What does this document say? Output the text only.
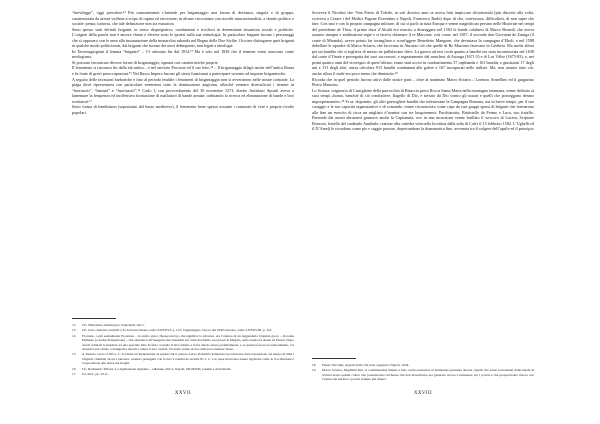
“brevilegge”, oggi prevalere.¹² Più comunemente s’intende per brigantaggio una forma di devianza, singola o di gruppo, caratterizzata da azioni violente a scopo di rapina ed estorsione, in alcune circostanze con risvolti insurrezionalisti, a sfondo politico e sociale: penso, tuttavia, che tale definizione non sia esaustiva.

Sono spesso stati definiti briganti, in senso dispregiativo, combattenti e rivoltosi in determinate situazioni sociali e politiche. L’origine della parola non è ancora chiara e diverse sono le ipotesi sulla sua etimologia. In particolare briganti furono i personaggi che si opposero con le armi alla instaurazione della monarchia sabauda nel Regno delle Due Sicilie. Occorre distinguere quei briganti in qualche modo politicizzati, dai briganti che furono dei mori delinquenti, non legati a ideologie.

In Tavernagiogiani il lemma “brigante” – l’è attestato fin dal 1814.¹³ Ma è solo nel 1839 che il termine viene associato come neologismo.

Si possono riscontrare diverse forme di brigantaggio; ognuna con caratteristiche proprie.

Il fenomeno si riscontra fin dalla età antica – e nel servizio Procuste ed il suo letto.¹⁴ – Il brigantaggio dilagò anche nell’antica Roma e fu fonte di gravi preoccupazioni.¹⁵ Nel Basso Impero furono gli stessi funzionari a partecipare sovente ad imprese brigantesche.

A seguito delle invasioni barbariche e fino al periodo feudale i fenomeni di brigantaggio non si avvertirono nelle nostre contrade. La piaga dovè ripresentarsi con particolare veemenza sotto la dominazione angioina, allorché vennero diversificati i termini in “fuorusciti”, “banniti” e “fuoriusciti”.¹⁶ Carlo I, con provvedimento del 30 novembre 1273, diretto Justitiarii Aprutii aveva a lamentare la frequenza ed inoffensiva formazione di malfattori di bande armate, ordinando la ricerca ed eliminazione di bande e loro ricettatori.¹⁷

Sotto forma di banditismo (soprattutto dal basso medioevo), il fenomeno bene spesso assunse i connotati di vere e proprie rivolte popolari.

12 Cfr. Dizionario etimologico Zanichelli, alla v.

13 Cfr. Iorio, Antonio Lemolico da Terravecchione, tomo XXXXVI, p. 121; brigantaggio, lavoro del 1836 ristorato, tomo LXXXVIII, p. 112.

14 Procuste, o più esattamente Procruste – in antico greco Προκρούστης, che significa lo stiratore, era l’epiteto di un leggendario brigante greco – di nome Damaste (o anche Polipemone) – che attendeva all’inseguito dei viandanti sul colle Koridallo, nei pressi di Megara, sulla strada tra Atene ed Eleusi. Dopo averli catturati li stendeva su uno speciale letto in ferro al quale li lava stirano a forza dando stessa perfettamente, e se questi non era eccessivamente, coi arrestava per stirato a stringerli e stirarli e attesa il loro veduta. Procuste venne ucciso dall’eroe ateniese Teseo.

15 A Taranto, verso il 185 a. C. avvenne un’insurrezione di pastori sul il pretore Lucio Postumio Tempsano ne istruì una dura repressione. Al tempo di Silla i briganti, chiamati sicari e latrones, vennero perseguiti con la Lex Cornelia de sicariis 81 a. C. e le pene dovevano essere applicate come la crocifissione e l’esposizione alle belve nel luoghi.

16 Cfr. Romualdo Trifone, La legislazione angioina – edizione critica, Napoli, MCMXXI, passim e ad indicem.

17 Ivi, ibid., pp. 25 ss.

XXVII

Scriveva il Nicolini che “San Pietro di Toledo, in soli diciotto anni se aveva fatti impiccare diciottomila (più discrete alla volta, scriveva a Cesare i del Medici Pagone Fiorentino a Napoli, Francesco Barbi) dopo di che, confessava, difficoltosi, di non saper che fare. Con uno e con lo proprio campagna militare, di cui si parlò in tutta Europa e venne magnificata persino nelle Historiae nei tempi del presidente de Thou, il primo duca d’Alcalà era riuscito a distruggere nel 1563 le bande calabresi di Marco Berardi, che aveva assunto insegne e attribuzione regie e si faceva chiamare il re Marcone, così come, nel 1587, il secondo don Giovanni de Zuniga (il conte di Miranda), aveva potuto far tornagliare o sconfiggere Benedetto Mangone, che devastava la campagna d’Eboli, e nel 1588 debellare le squadre di Marco Sciarra, che facevano in Abruzzo ciò che quelle di Re Marcone facevano in Calabria. Ma anche allora per un bandito che si toglieva di mezzo ne pullulavano dieci. La guerra ad essi costò quanto a banditi era stata incominciata nel 1638 dal conte d’Onate e proseguita dai suoi successori, e segnatamente dal marchesi di Astorga (1671-5) e di Los Vélez (1675-83), e, nei primi quattro anni del viceregno di quest’ultimo, erano stati uccisi in combattimento 57 capibanda e 161 banditi, e giustiziati 17 degli uni e 131 degli altri, senza calcolare 913 banditi condannati alle galere e 167 incorporati nelle milizie. Ma, non ostante tutto ciò, anche allora il male era poco meno che diminuito.¹⁸

Ricorda che in quel periodo furono attivi dalle nostre parti – oltre al nominato Marco Sciarra – Lorenzo Armellino ed il gargazino Pietro Mancino.

Lo Sciarra, originario di Castiglione della parrocchia di Bisaccia preso Rocca Santa Maria nella montagna teramana, venne definito ai suoi tempi «bomo, banchié di ciò condottiere, flagello di Dio, e inviato da Dio contro gli usurai e quelli che posseggono denaro impropriamente».¹⁹ Si sa, dopotutto, gli altri guerriglieri-banditi che infestavano la Campagna Romana, ma in breve tempo, per il suo coraggio e le sue capacità organizzative e di comando, venne riconosciuto come capo da vari gruppi sparsi di briganti che formarono alla fine un esercito di circa un migliaio d’uomini con tre luogotenenti: Pacchiarotto, Battistello da Fermo e Luca, suo fratello. Partendo dai monti abruzzesi giunsero anche la Capitanata, ove in una incursione venne fraillato il vescovo di Lucera, Scipione Bozzuto, fratello del cardinale Annibale, reattore alla cattedra veterrella locettina dalla seda di Calvi il 15 febbraio 1582. L’Ughelli ed il D’Amelj le ricordano come pio e saggio pastore, deprecandone la drammatica fine, avvenuta tra il volgere dell’aprile ed il principio

18 Fausto Nicolini, Aspetti della vita italo-spagnola, Napoli, 1934.

19 Marco Sciarra, flagellum Dei, et commissarius missus a Deo contra usurarios et detinentes pecunias otiosas. Quelli che erano terrorizzati dalla banda di Sciarra erano quindi coloro che possedevano ricchezze che non investivano per generare lavoro e benessere per i poveri e che prosperavano invece con l’usura che tendeva i poveri sempre più miseri.

XXVIII
